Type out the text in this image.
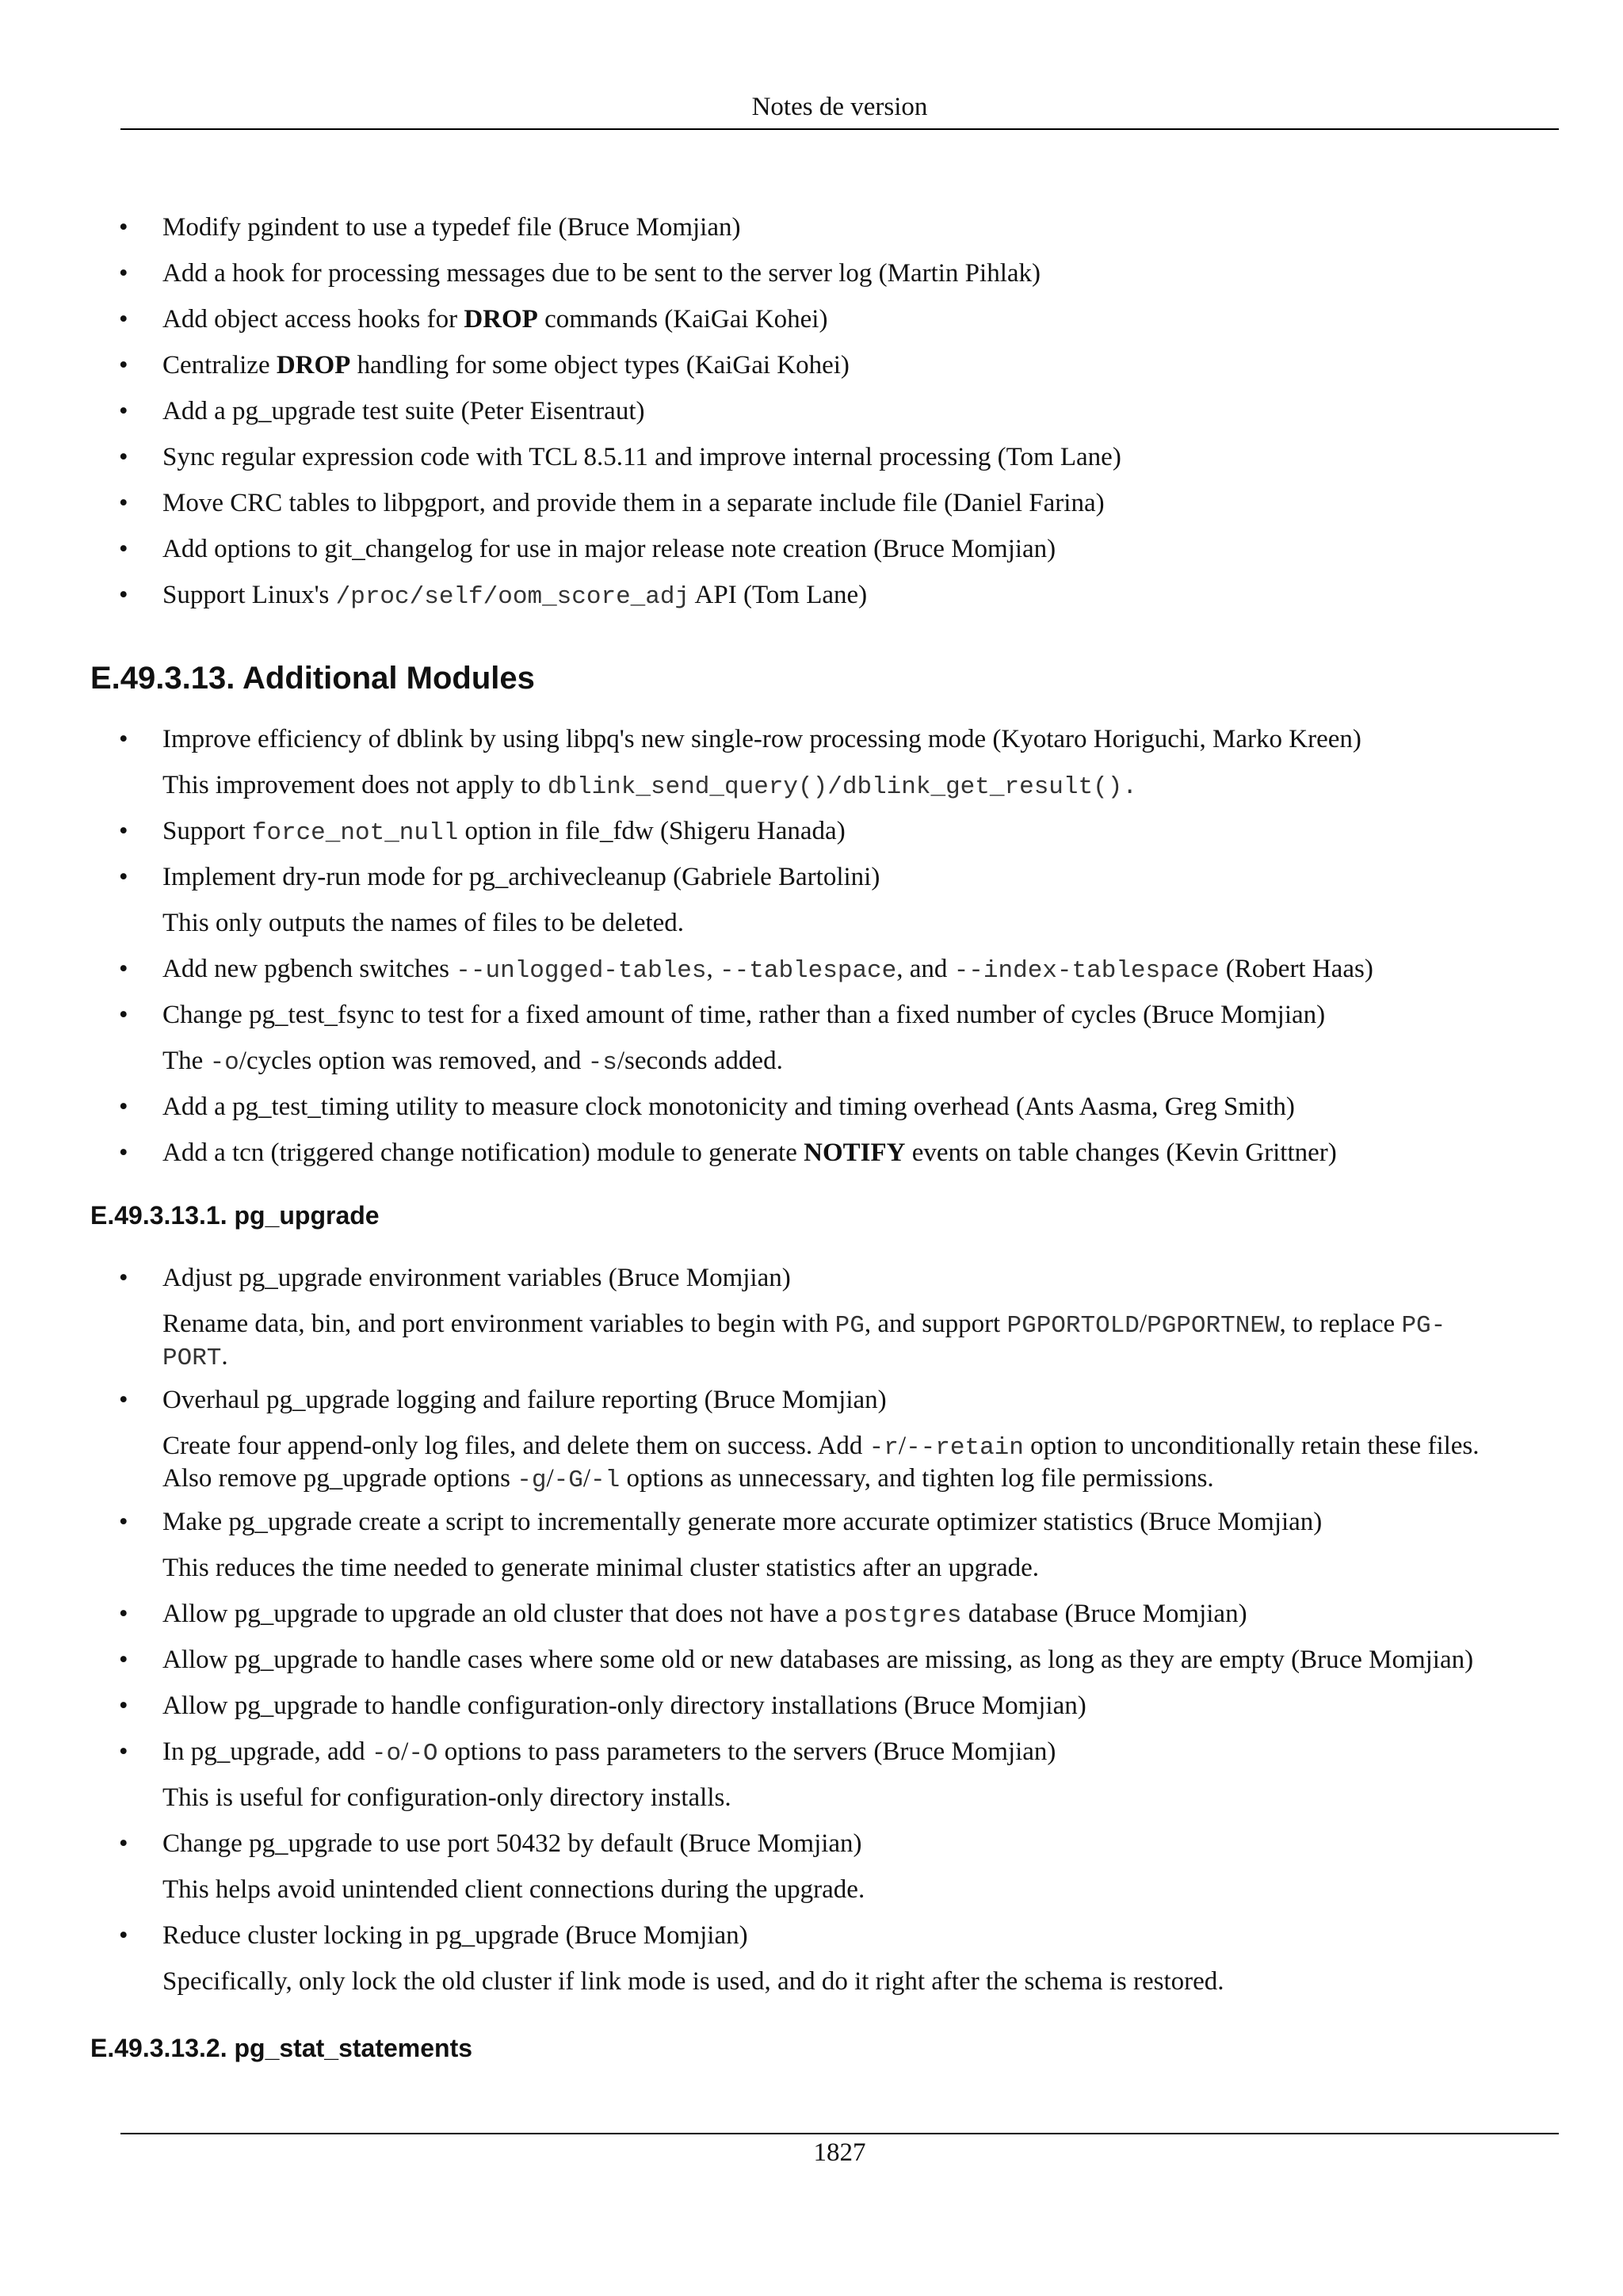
Notes de version
• Modify pgindent to use a typedef file (Bruce Momjian)
• Add a hook for processing messages due to be sent to the server log (Martin Pihlak)
• Add object access hooks for DROP commands (KaiGai Kohei)
• Centralize DROP handling for some object types (KaiGai Kohei)
• Add a pg_upgrade test suite (Peter Eisentraut)
• Sync regular expression code with TCL 8.5.11 and improve internal processing (Tom Lane)
• Move CRC tables to libpgport, and provide them in a separate include file (Daniel Farina)
• Add options to git_changelog for use in major release note creation (Bruce Momjian)
• Support Linux's /proc/self/oom_score_adj API (Tom Lane)
E.49.3.13. Additional Modules
• Improve efficiency of dblink by using libpq's new single-row processing mode (Kyotaro Horiguchi, Marko Kreen)
This improvement does not apply to dblink_send_query()/dblink_get_result().
• Support force_not_null option in file_fdw (Shigeru Hanada)
• Implement dry-run mode for pg_archivecleanup (Gabriele Bartolini)
This only outputs the names of files to be deleted.
• Add new pgbench switches --unlogged-tables, --tablespace, and --index-tablespace (Robert Haas)
• Change pg_test_fsync to test for a fixed amount of time, rather than a fixed number of cycles (Bruce Momjian)
The -o/cycles option was removed, and -s/seconds added.
• Add a pg_test_timing utility to measure clock monotonicity and timing overhead (Ants Aasma, Greg Smith)
• Add a tcn (triggered change notification) module to generate NOTIFY events on table changes (Kevin Grittner)
E.49.3.13.1. pg_upgrade
• Adjust pg_upgrade environment variables (Bruce Momjian)
Rename data, bin, and port environment variables to begin with PG, and support PGPORTOLD/PGPORTNEW, to replace PG-
PORT.
• Overhaul pg_upgrade logging and failure reporting (Bruce Momjian)
Create four append-only log files, and delete them on success. Add -r/--retain option to unconditionally retain these files.
Also remove pg_upgrade options -g/-G/-l options as unnecessary, and tighten log file permissions.
• Make pg_upgrade create a script to incrementally generate more accurate optimizer statistics (Bruce Momjian)
This reduces the time needed to generate minimal cluster statistics after an upgrade.
• Allow pg_upgrade to upgrade an old cluster that does not have a postgres database (Bruce Momjian)
• Allow pg_upgrade to handle cases where some old or new databases are missing, as long as they are empty (Bruce Momjian)
• Allow pg_upgrade to handle configuration-only directory installations (Bruce Momjian)
• In pg_upgrade, add -o/-O options to pass parameters to the servers (Bruce Momjian)
This is useful for configuration-only directory installs.
• Change pg_upgrade to use port 50432 by default (Bruce Momjian)
This helps avoid unintended client connections during the upgrade.
• Reduce cluster locking in pg_upgrade (Bruce Momjian)
Specifically, only lock the old cluster if link mode is used, and do it right after the schema is restored.
E.49.3.13.2. pg_stat_statements
1827
